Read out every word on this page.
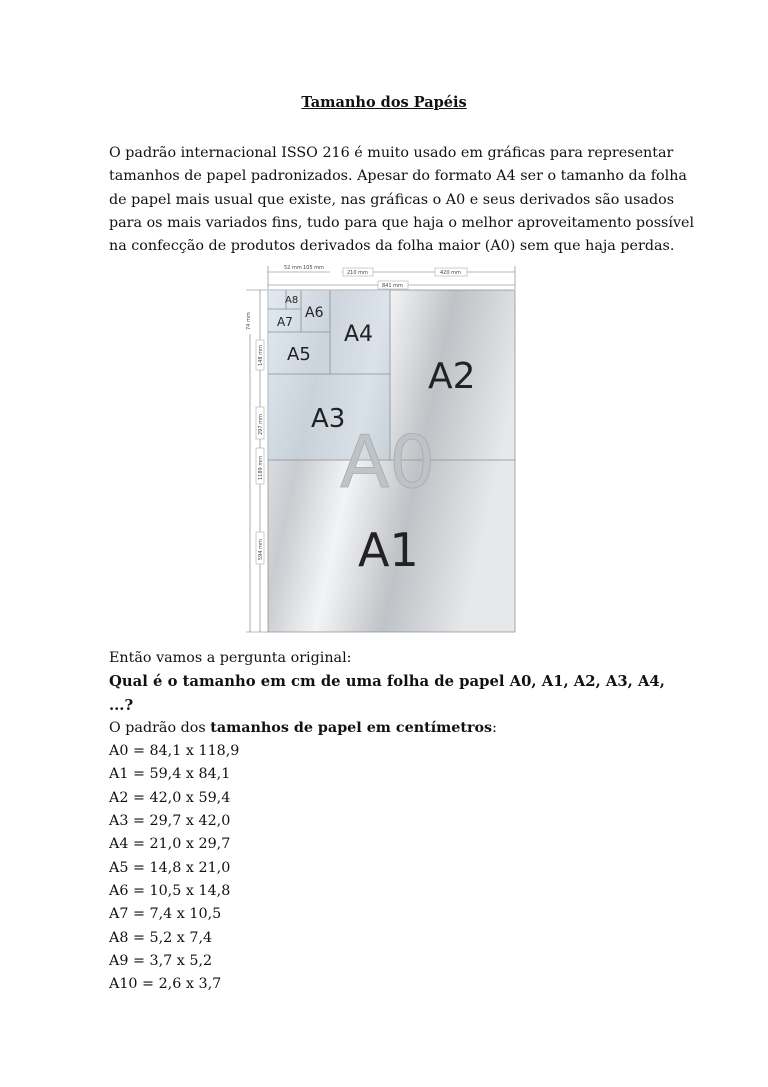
Tamanho dos Papéis
O padrão internacional ISSO 216 é muito usado em gráficas para representar
tamanhos de papel padronizados. Apesar do formato A4 ser o tamanho da folha
de papel mais usual que existe, nas gráficas o A0 e seus derivados são usados
para os mais variados fins, tudo para que haja o melhor aproveitamento possível
na confecção de produtos derivados da folha maior (A0) sem que haja perdas.
52 mm 105 mm
210 mm	420 mm
841 mm
74 mm
148 mm
297 mm
1189 mm
594 mm
A8
A7
A6
A5
A4
A3
A2
A1
A0
Então vamos a pergunta original:
Qual é o tamanho em cm de uma folha de papel A0, A1, A2, A3, A4,
...?
O padrão dos tamanhos de papel em centímetros:
A0 = 84,1 x 118,9
A1 = 59,4 x 84,1
A2 = 42,0 x 59,4
A3 = 29,7 x 42,0
A4 = 21,0 x 29,7
A5 = 14,8 x 21,0
A6 = 10,5 x 14,8
A7 = 7,4 x 10,5
A8 = 5,2 x 7,4
A9 = 3,7 x 5,2
A10 = 2,6 x 3,7
